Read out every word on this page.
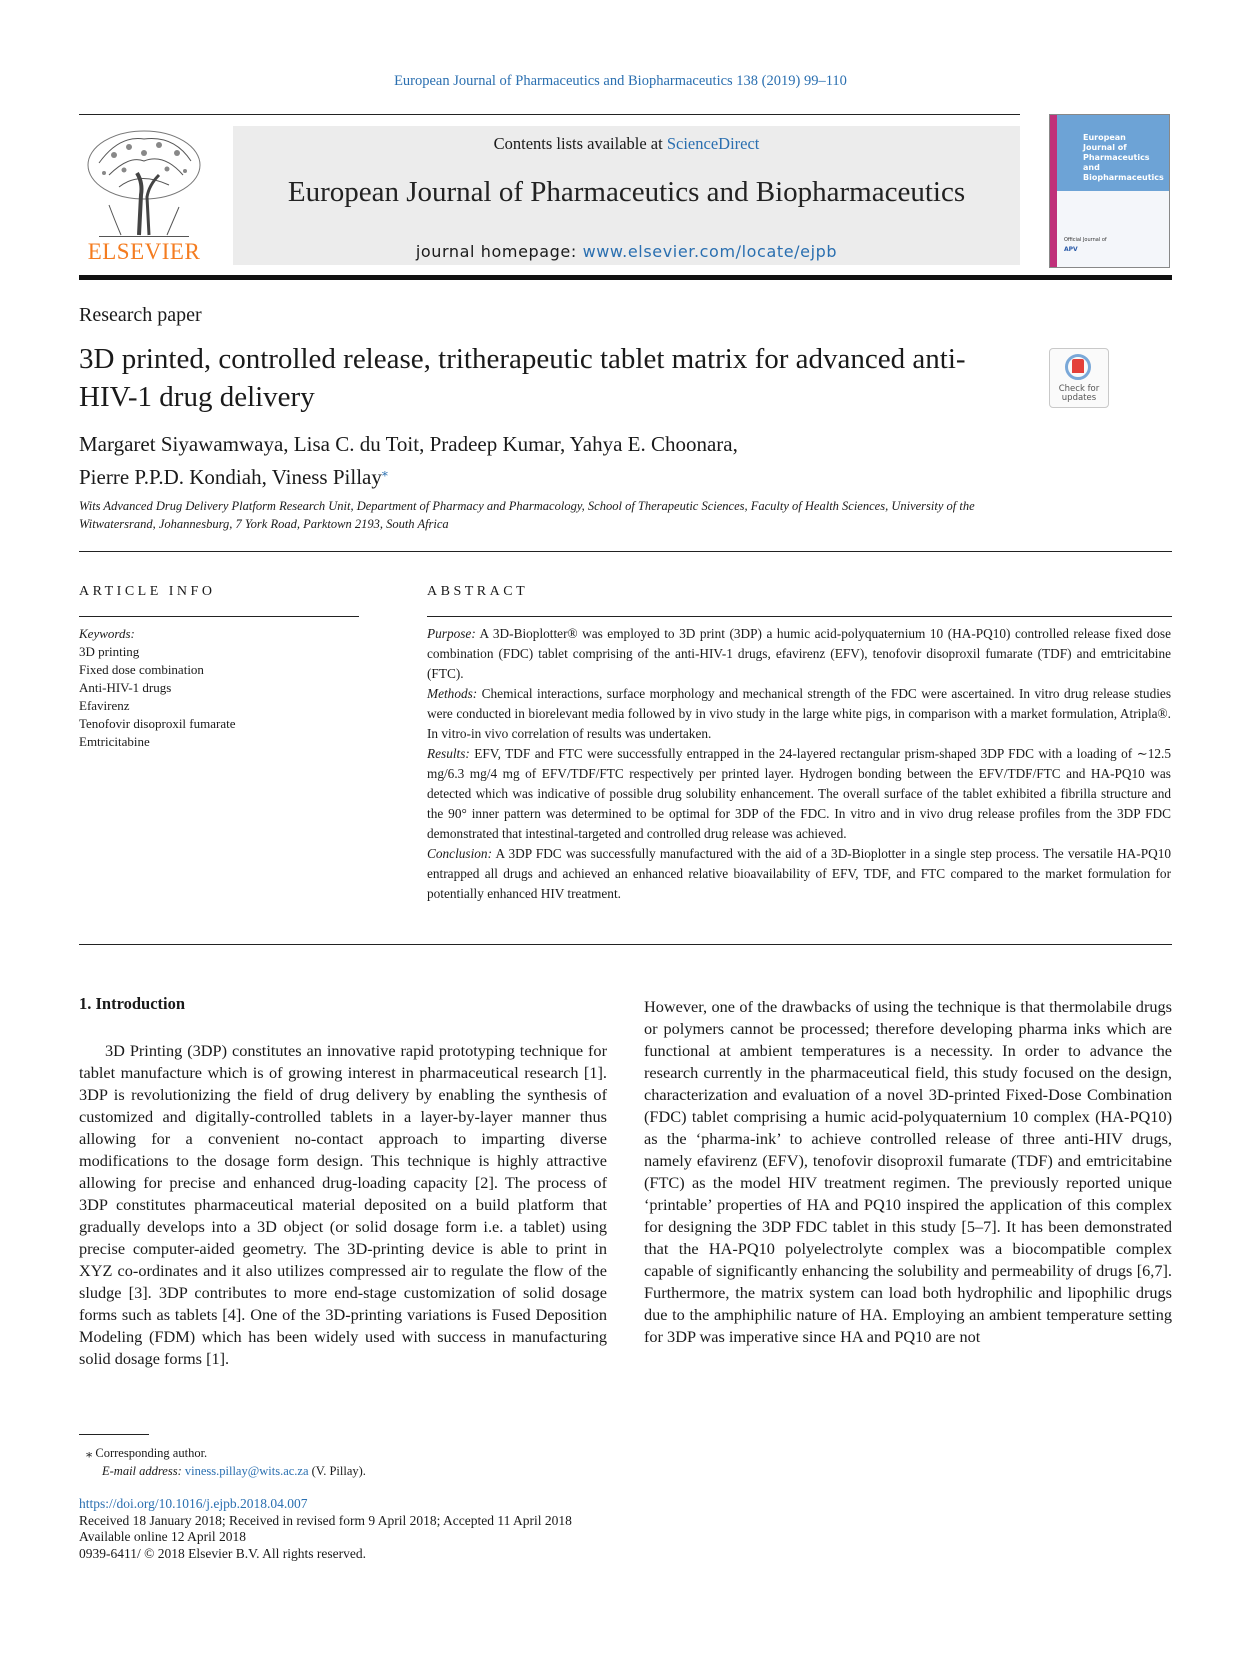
European Journal of Pharmaceutics and Biopharmaceutics 138 (2019) 99–110
ELSEVIER
Contents lists available at ScienceDirect
European Journal of Pharmaceutics and Biopharmaceutics
journal homepage: www.elsevier.com/locate/ejpb
European
Journal of
Pharmaceutics and
Biopharmaceutics
Official Journal of
APV
Research paper
3D printed, controlled release, tritherapeutic tablet matrix for advanced anti-HIV-1 drug delivery	Check for updates
Margaret Siyawamwaya, Lisa C. du Toit, Pradeep Kumar, Yahya E. Choonara,
Pierre P.P.D. Kondiah, Viness Pillay⁎
Wits Advanced Drug Delivery Platform Research Unit, Department of Pharmacy and Pharmacology, School of Therapeutic Sciences, Faculty of Health Sciences, University of the Witwatersrand, Johannesburg, 7 York Road, Parktown 2193, South Africa
ARTICLE INFO
Keywords:
3D printing
Fixed dose combination
Anti-HIV-1 drugs
Efavirenz
Tenofovir disoproxil fumarate
Emtricitabine
ABSTRACT

Purpose: A 3D-Bioplotter® was employed to 3D print (3DP) a humic acid-polyquaternium 10 (HA-PQ10) controlled release fixed dose combination (FDC) tablet comprising of the anti-HIV-1 drugs, efavirenz (EFV), tenofovir disoproxil fumarate (TDF) and emtricitabine (FTC).

Methods: Chemical interactions, surface morphology and mechanical strength of the FDC were ascertained. In vitro drug release studies were conducted in biorelevant media followed by in vivo study in the large white pigs, in comparison with a market formulation, Atripla®. In vitro-in vivo correlation of results was undertaken.

Results: EFV, TDF and FTC were successfully entrapped in the 24-layered rectangular prism-shaped 3DP FDC with a loading of ∼12.5 mg/6.3 mg/4 mg of EFV/TDF/FTC respectively per printed layer. Hydrogen bonding between the EFV/TDF/FTC and HA-PQ10 was detected which was indicative of possible drug solubility enhancement. The overall surface of the tablet exhibited a fibrilla structure and the 90° inner pattern was determined to be optimal for 3DP of the FDC. In vitro and in vivo drug release profiles from the 3DP FDC demonstrated that intestinal-targeted and controlled drug release was achieved.

Conclusion: A 3DP FDC was successfully manufactured with the aid of a 3D-Bioplotter in a single step process. The versatile HA-PQ10 entrapped all drugs and achieved an enhanced relative bioavailability of EFV, TDF, and FTC compared to the market formulation for potentially enhanced HIV treatment.

1. Introduction

3D Printing (3DP) constitutes an innovative rapid prototyping technique for tablet manufacture which is of growing interest in pharmaceutical research [1]. 3DP is revolutionizing the field of drug delivery by enabling the synthesis of customized and digitally-controlled tablets in a layer-by-layer manner thus allowing for a convenient no-contact approach to imparting diverse modifications to the dosage form design. This technique is highly attractive allowing for precise and enhanced drug-loading capacity [2]. The process of 3DP constitutes pharmaceutical material deposited on a build platform that gradually develops into a 3D object (or solid dosage form i.e. a tablet) using precise computer-aided geometry. The 3D-printing device is able to print in XYZ co-ordinates and it also utilizes compressed air to regulate the flow of the sludge [3]. 3DP contributes to more end-stage customization of solid dosage forms such as tablets [4]. One of the 3D-printing variations is Fused Deposition Modeling (FDM) which has been widely used with success in manufacturing solid dosage forms [1].

However, one of the drawbacks of using the technique is that thermolabile drugs or polymers cannot be processed; therefore developing pharma inks which are functional at ambient temperatures is a necessity. In order to advance the research currently in the pharmaceutical field, this study focused on the design, characterization and evaluation of a novel 3D-printed Fixed-Dose Combination (FDC) tablet comprising a humic acid-polyquaternium 10 complex (HA-PQ10) as the ‘pharma-ink’ to achieve controlled release of three anti-HIV drugs, namely efavirenz (EFV), tenofovir disoproxil fumarate (TDF) and emtricitabine (FTC) as the model HIV treatment regimen. The previously reported unique ‘printable’ properties of HA and PQ10 inspired the application of this complex for designing the 3DP FDC tablet in this study [5–7]. It has been demonstrated that the HA-PQ10 polyelectrolyte complex was a biocompatible complex capable of significantly enhancing the solubility and permeability of drugs [6,7]. Furthermore, the matrix system can load both hydrophilic and lipophilic drugs due to the amphiphilic nature of HA. Employing an ambient temperature setting for 3DP was imperative since HA and PQ10 are not

⁎ Corresponding author.
E-mail address: viness.pillay@wits.ac.za (V. Pillay).
https://doi.org/10.1016/j.ejpb.2018.04.007
Received 18 January 2018; Received in revised form 9 April 2018; Accepted 11 April 2018
Available online 12 April 2018
0939-6411/ © 2018 Elsevier B.V. All rights reserved.
